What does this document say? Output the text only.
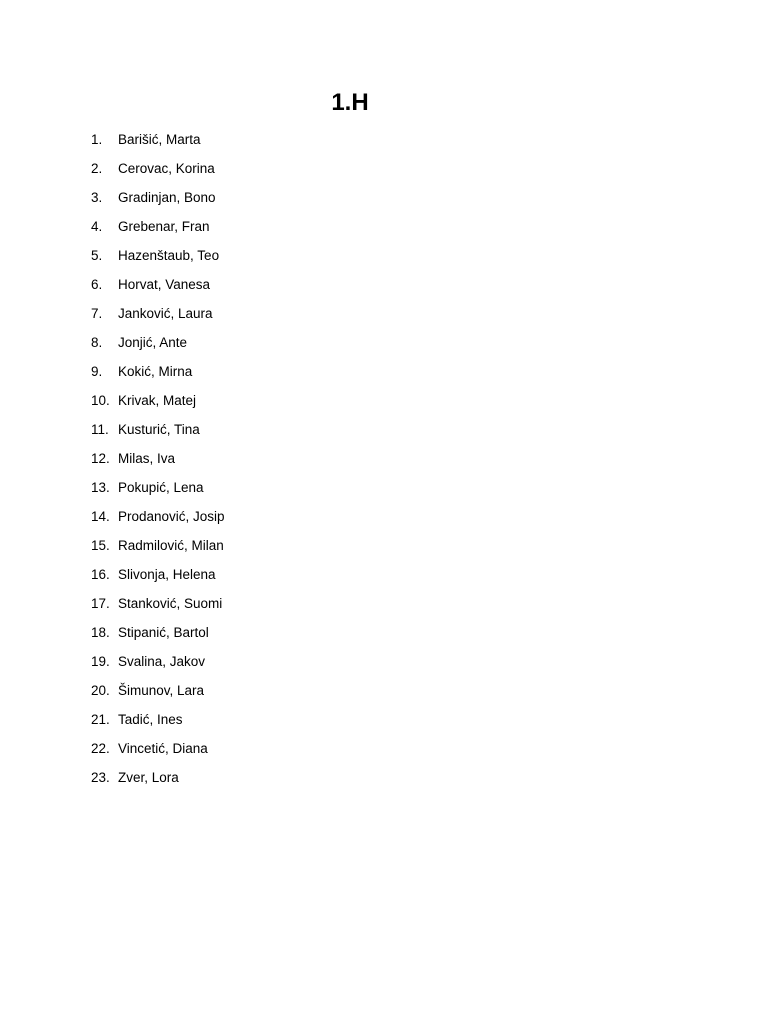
1.H
1.	Barišić, Marta
2.	Cerovac, Korina
3.	Gradinjan, Bono
4.	Grebenar, Fran
5.	Hazenštaub, Teo
6.	Horvat, Vanesa
7.	Janković, Laura
8.	Jonjić, Ante
9.	Kokić, Mirna
10. Krivak, Matej
11. Kusturić, Tina
12. Milas, Iva
13. Pokupić, Lena
14. Prodanović, Josip
15. Radmilović, Milan
16. Slivonja, Helena
17. Stanković, Suomi
18. Stipanić, Bartol
19. Svalina, Jakov
20. Šimunov, Lara
21. Tadić, Ines
22. Vincetić, Diana
23. Zver, Lora
